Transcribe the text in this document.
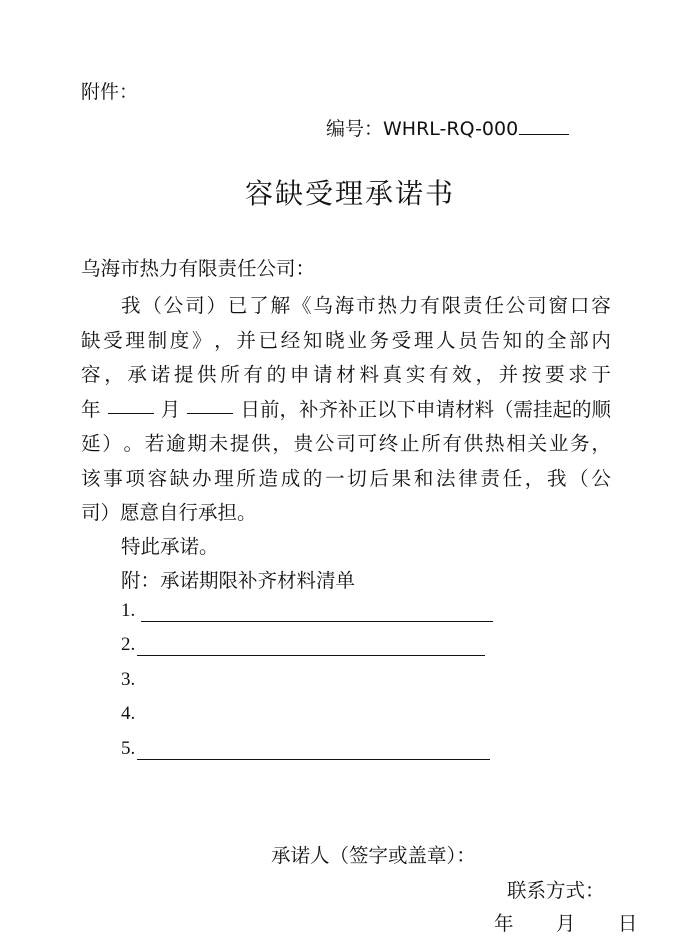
附件：
编号：WHRL-RQ-000
容缺受理承诺书
乌海市热力有限责任公司：
我 （ 公 司 ） 已 了 解 《 乌 海 市 热 力 有 限 责 任 公 司 窗 口 容
缺 受 理 制 度 》 ， 并 已 经 知 晓 业 务 受 理 人 员 告 知 的 全 部 内
容 ， 承 诺 提 供 所 有 的 申 请 材 料 真 实 有 效 ， 并 按 要 求 于
年	月	日前，补齐补正以下申请材料（需挂起的顺
延 ） 。 若 逾 期 未 提 供 ， 贵 公 司 可 终 止 所 有 供 热 相 关 业 务 ，
该 事 项 容 缺 办 理 所 造 成 的 一 切 后 果 和 法 律 责 任 ， 我 （ 公
司）愿意自行承担。
特此承诺。
附：承诺期限补齐材料清单
1.
2.
3.
4.
5.
承诺人（签字或盖章）：
联系方式：
年 月 日
